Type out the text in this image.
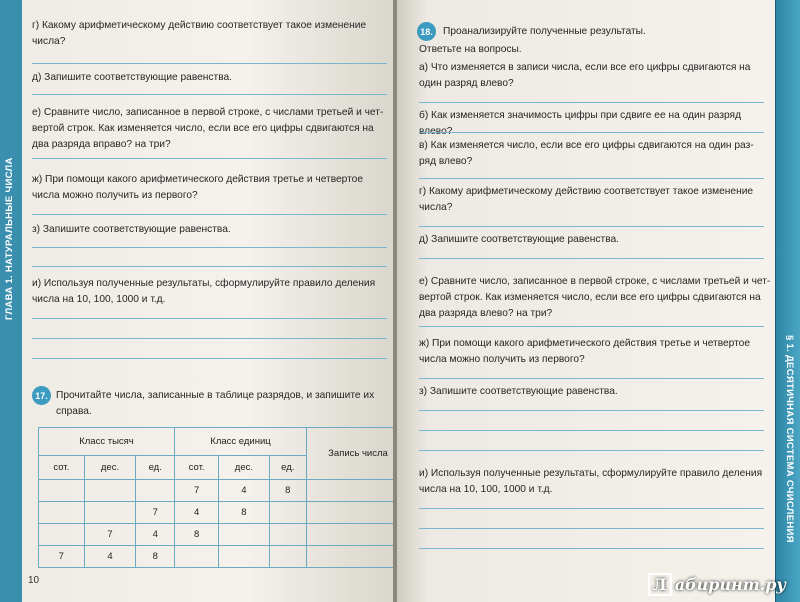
ГЛАВА 1. НАТУРАЛЬНЫЕ ЧИСЛА
г) Какому арифметическому действию соответствует такое изменение
числа?
д) Запишите соответствующие равенства.
е) Сравните число, записанное в первой строке, с числами третьей и чет-
вертой строк. Как изменяется число, если все его цифры сдвигаются на
два разряда вправо? на три?
ж) При помощи какого арифметического действия третье и четвертое
числа можно получить из первого?
з) Запишите соответствующие равенства.
и) Используя полученные результаты, сформулируйте правило деления
числа на 10, 100, 1000 и т.д.
17. Прочитайте числа, записанные в таблице разрядов, и запишите их
справа.
10
Класс тысяч			Класс единиц			Запись числа
сот.	дес.	ед.	сот.	дес.	ед.	
			7	4	8	
		7	4	8		
	7	4	8			
7	4	8				
18.	Проанализируйте полученные результаты.
Ответьте на вопросы.
а) Что изменяется в записи числа, если все его цифры сдвигаются на
один разряд влево?
б) Как изменяется значимость цифры при сдвиге ее на один разряд
в) Как изменяется число, если все его цифры сдвигаются на один раз-
ряд влево?
г) Какому арифметическому действию соответствует такое изменение
числа?
д) Запишите соответствующие равенства.
е) Сравните число, записанное в первой строке, с числами третьей и чет-
вертой строк. Как изменяется число, если все его цифры сдвигаются на
два разряда влево? на три?
ж) При помощи какого арифметического действия третье и четвертое
числа можно получить из первого?
з) Запишите соответствующие равенства.
и) Используя полученные результаты, сформулируйте правило деления
числа на 10, 100, 1000 и т.д.	§ 1. ДЕСЯТИЧНАЯ СИСТЕМА СЧИСЛЕНИЯ
Л абиринт.ру
